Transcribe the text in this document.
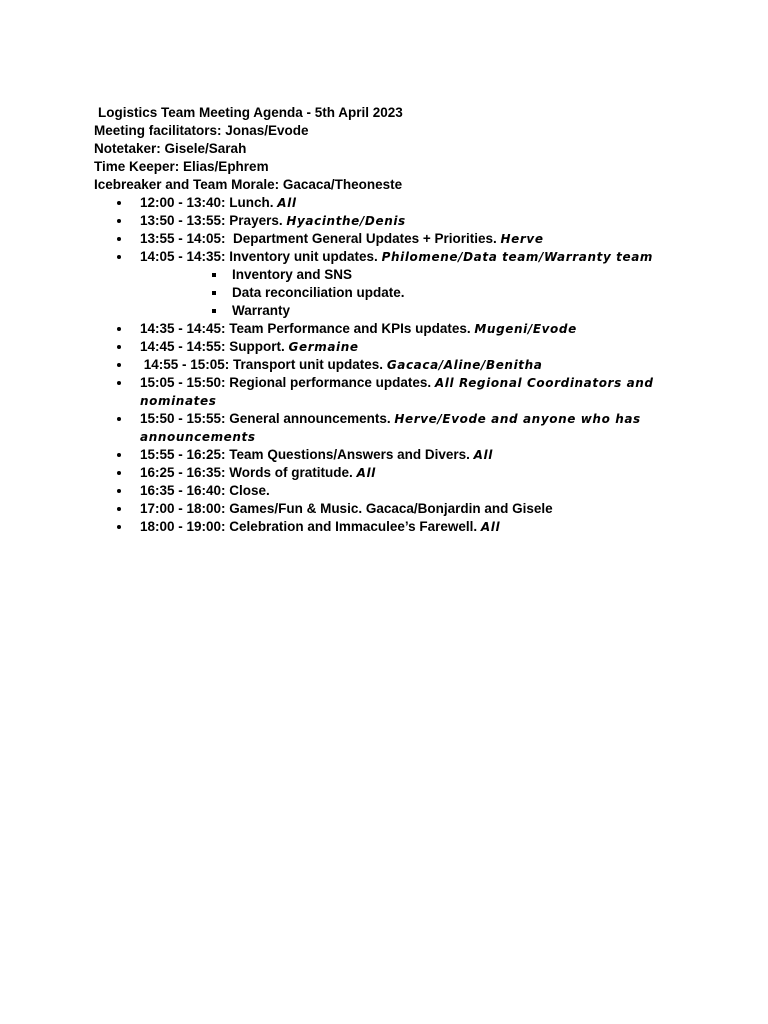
Logistics Team Meeting Agenda - 5th April 2023
Meeting facilitators: Jonas/Evode
Notetaker: Gisele/Sarah
Time Keeper: Elias/Ephrem
Icebreaker and Team Morale: Gacaca/Theoneste
12:00 - 13:40: Lunch. All
13:50 - 13:55: Prayers. Hyacinthe/Denis
13:55 - 14:05:  Department General Updates + Priorities. Herve
14:05 - 14:35: Inventory unit updates. Philomene/Data team/Warranty team
Inventory and SNS
Data reconciliation update.
Warranty
14:35 - 14:45: Team Performance and KPIs updates. Mugeni/Evode
14:45 - 14:55: Support. Germaine
14:55 - 15:05: Transport unit updates. Gacaca/Aline/Benitha
15:05 - 15:50: Regional performance updates. All Regional Coordinators and nominates
15:50 - 15:55: General announcements. Herve/Evode and anyone who has announcements
15:55 - 16:25: Team Questions/Answers and Divers. All
16:25 - 16:35: Words of gratitude. All
16:35 - 16:40: Close.
17:00 - 18:00: Games/Fun & Music. Gacaca/Bonjardin and Gisele
18:00 - 19:00: Celebration and Immaculee’s Farewell. All
